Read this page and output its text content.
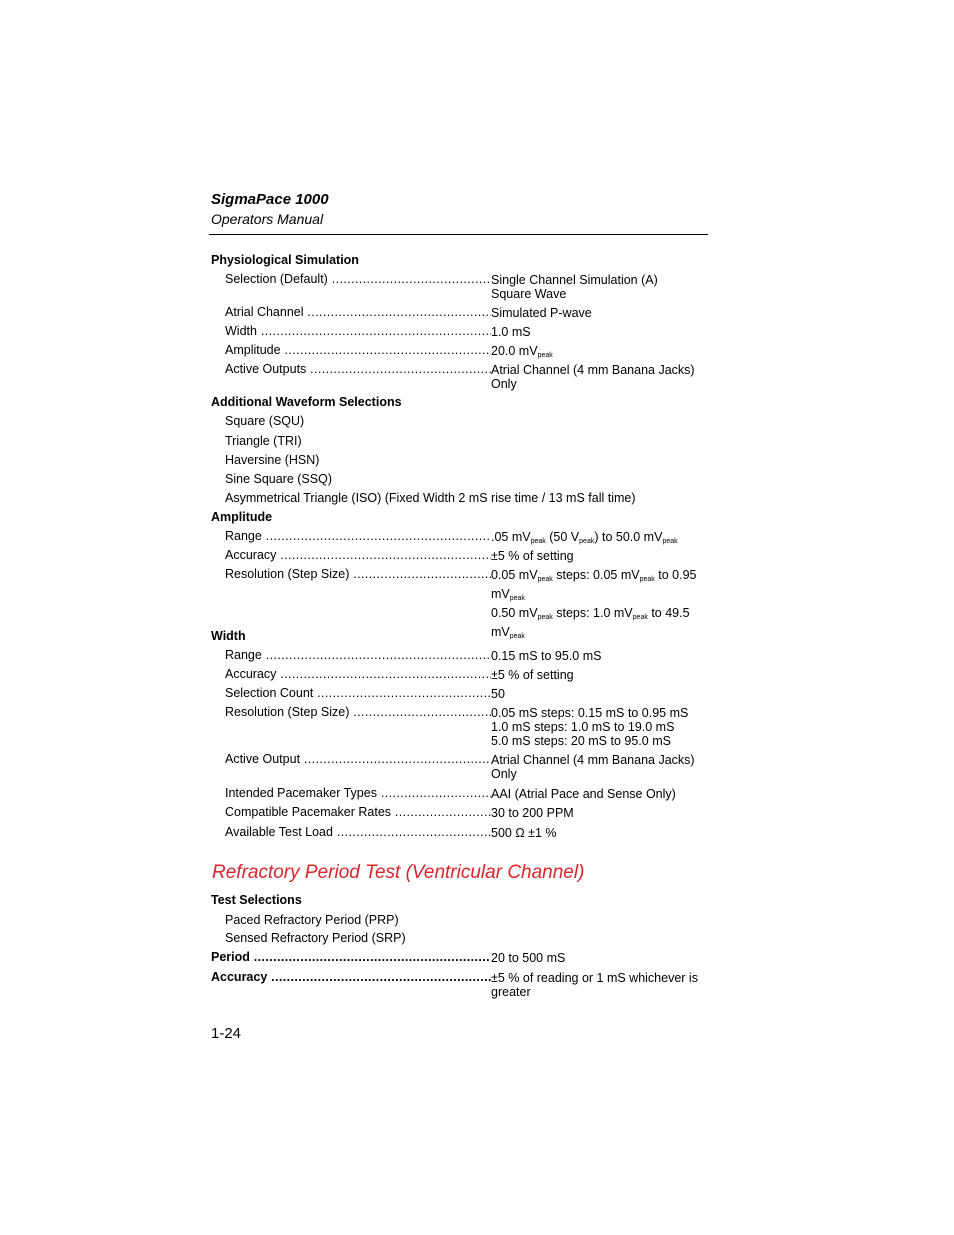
SigmaPace 1000
Operators Manual
Physiological Simulation
Selection (Default) .....	Single Channel Simulation (A)
Square Wave
Atrial Channel .....	Simulated P-wave
Width .....	1.0 mS
Amplitude .....	20.0 $mV_{peak}$
Active Outputs .....	Atrial Channel (4 mm Banana Jacks) Only
Additional Waveform Selections
Square (SQU)
Triangle (TRI)
Haversine (HSN)
Sine Square (SSQ)
Asymmetrical Triangle (ISO) (Fixed Width 2 mS rise time / 13 mS fall time)
Amplitude
Range .....	.05 $mV_{peak}$ (50 $V_{peak}$) to 50.0 $mV_{peak}$
Accuracy .....	±5 % of setting
Resolution (Step Size) .....	0.05 $mV_{peak}$ steps: 0.05 $mV_{peak}$ to 0.95 $mV_{peak}$
0.50 $mV_{peak}$ steps: 1.0 $mV_{peak}$ to 49.5 $mV_{peak}$
Width
Range .....	0.15 mS to 95.0 mS
Accuracy .....	±5 % of setting
Selection Count .....	50
Resolution (Step Size) .....	0.05 mS steps: 0.15 mS to 0.95 mS
1.0 mS steps: 1.0 mS to 19.0 mS
5.0 mS steps: 20 mS to 95.0 mS
Active Output .....	Atrial Channel (4 mm Banana Jacks) Only
Intended Pacemaker Types .....	AAI (Atrial Pace and Sense Only)
Compatible Pacemaker Rates .....	30 to 200 PPM
Available Test Load .....	500 Ω ±1 %
Refractory Period Test (Ventricular Channel)
Test Selections
Paced Refractory Period (PRP)
Sensed Refractory Period (SRP)
Period .....	20 to 500 mS
Accuracy .....	±5 % of reading or 1 mS whichever is greater
1-24
